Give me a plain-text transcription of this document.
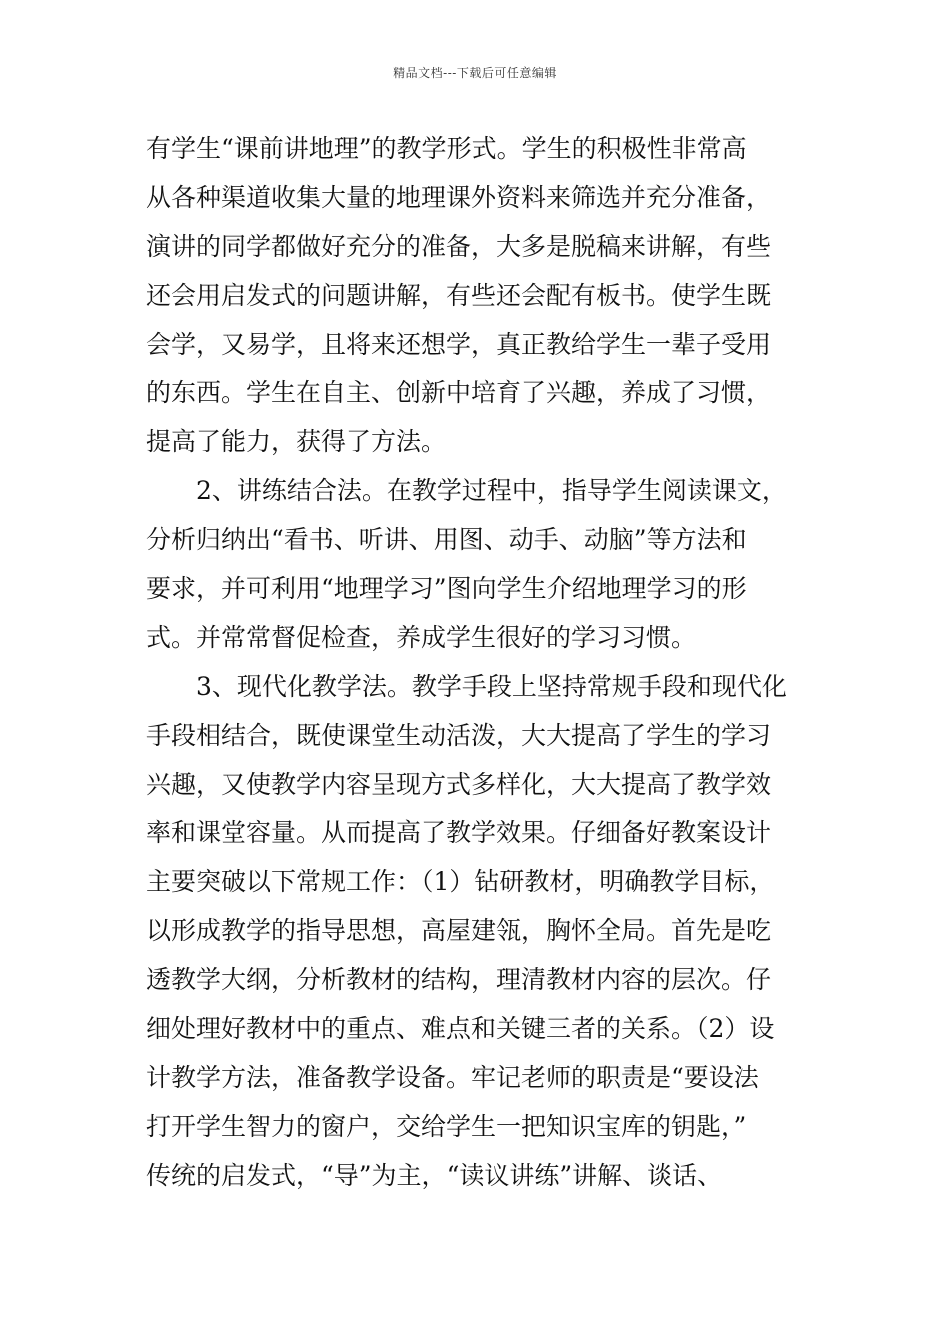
精品文档---下载后可任意编辑
有学生“课前讲地理”的教学形式。学生的积极性非常高
从各种渠道收集大量的地理课外资料来筛选并充分准备，
演讲的同学都做好充分的准备，大多是脱稿来讲解，有些
还会用启发式的问题讲解，有些还会配有板书。使学生既
会学，又易学，且将来还想学，真正教给学生一辈子受用
的东西。学生在自主、创新中培育了兴趣，养成了习惯，
提高了能力，获得了方法。
　　2、讲练结合法。在教学过程中，指导学生阅读课文，
分析归纳出“看书、听讲、用图、动手、动脑”等方法和
要求，并可利用“地理学习”图向学生介绍地理学习的形
式。并常常督促检查，养成学生很好的学习习惯。
　　3、现代化教学法。教学手段上坚持常规手段和现代化
手段相结合，既使课堂生动活泼，大大提高了学生的学习
兴趣，又使教学内容呈现方式多样化，大大提高了教学效
率和课堂容量。从而提高了教学效果。仔细备好教案设计
主要突破以下常规工作：（1）钻研教材，明确教学目标，
以形成教学的指导思想，高屋建瓴，胸怀全局。首先是吃
透教学大纲，分析教材的结构，理清教材内容的层次。仔
细处理好教材中的重点、难点和关键三者的关系。（2）设
计教学方法，准备教学设备。牢记老师的职责是“要设法
打开学生智力的窗户，交给学生一把知识宝库的钥匙，”
传统的启发式，“导”为主，“读议讲练”讲解、谈话、
